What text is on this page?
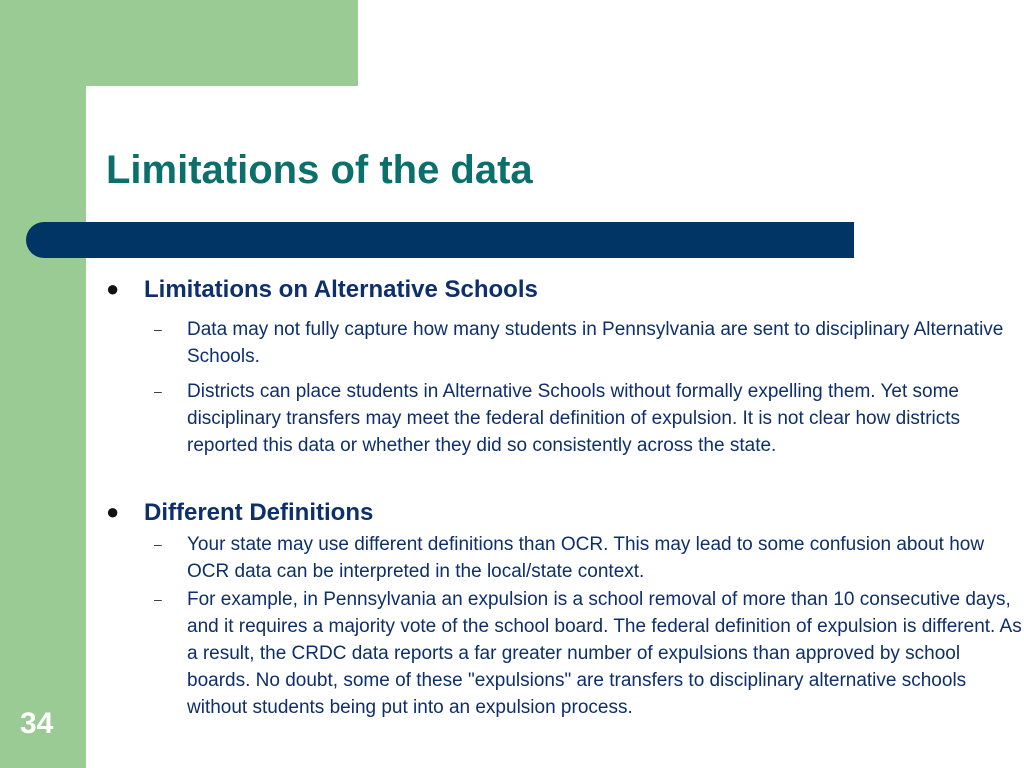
Limitations of the data
34
● Limitations on Alternative Schools
– Data may not fully capture how many students in Pennsylvania are sent to disciplinary Alternative Schools.
– Districts can place students in Alternative Schools without formally expelling them. Yet some disciplinary transfers may meet the federal definition of expulsion. It is not clear how districts reported this data or whether they did so consistently across the state.
● Different Definitions
– Your state may use different definitions than OCR. This may lead to some confusion about how OCR data can be interpreted in the local/state context.
– For example, in Pennsylvania an expulsion is a school removal of more than 10 consecutive days, and it requires a majority vote of the school board. The federal definition of expulsion is different. As a result, the CRDC data reports a far greater number of expulsions than approved by school boards. No doubt, some of these "expulsions" are transfers to disciplinary alternative schools without students being put into an expulsion process.
